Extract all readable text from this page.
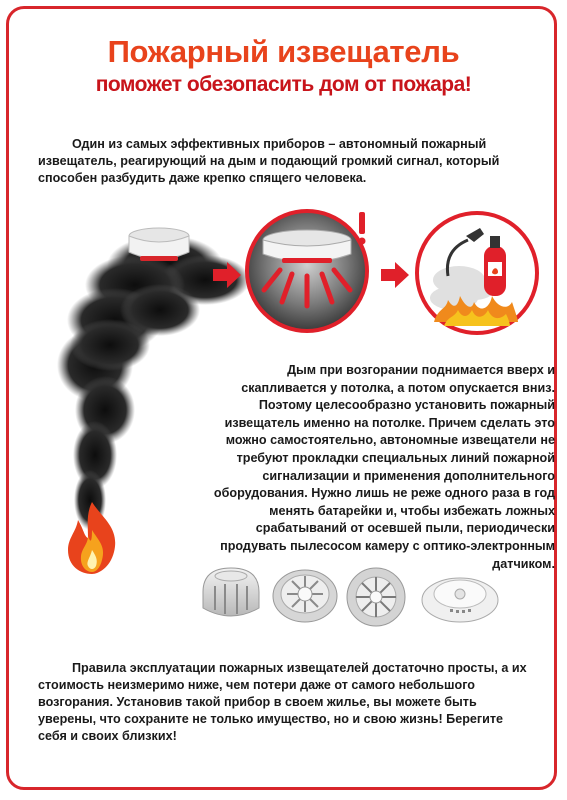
Пожарный извещатель
поможет обезопасить дом от пожара!
Один из самых эффективных приборов – автономный пожарный извещатель, реагирующий на дым и подающий громкий сигнал, который способен разбудить даже крепко спящего человека.
Дым при возгорании поднимается вверх и скапливается у потолка, а потом опускается вниз. Поэтому целесообразно установить пожарный извещатель именно на потолке. Причем сделать это можно самостоятельно, автономные извещатели не требуют прокладки специальных линий пожарной сигнализации и применения дополнительного оборудования. Нужно лишь не реже одного раза в год менять батарейки и, чтобы избежать ложных срабатываний от осевшей пыли, периодически продувать пылесосом камеру с оптико-электронным датчиком.
Правила эксплуатации пожарных извещателей достаточно просты, а их стоимость неизмеримо ниже, чем потери даже от самого небольшого возгорания. Установив такой прибор в своем жилье, вы можете быть уверены, что сохраните не только имущество, но и свою жизнь! Берегите себя и своих близких!
